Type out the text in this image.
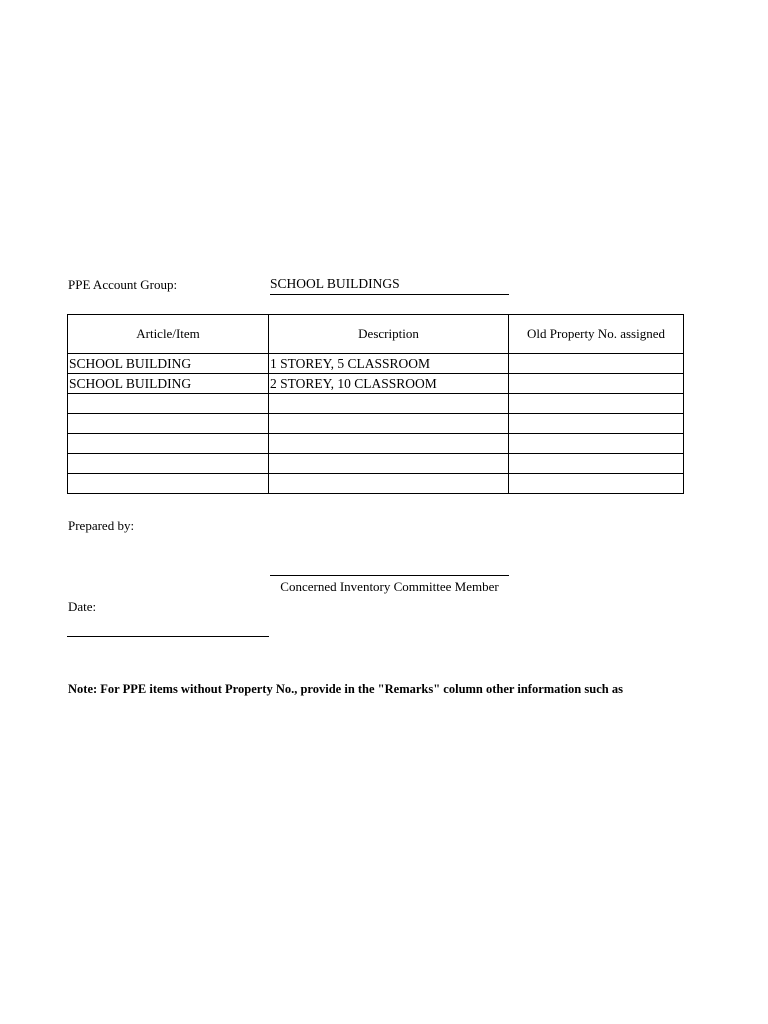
PPE Account Group:	SCHOOL BUILDINGS
Article/Item	Description	Old Property No. assigned
SCHOOL BUILDING	1 STOREY, 5 CLASSROOM	
SCHOOL BUILDING	2 STOREY, 10 CLASSROOM	

Prepared by:
Concerned Inventory Committee Member
Date:
Note: For PPE items without Property No., provide in the "Remarks" column other information such as
